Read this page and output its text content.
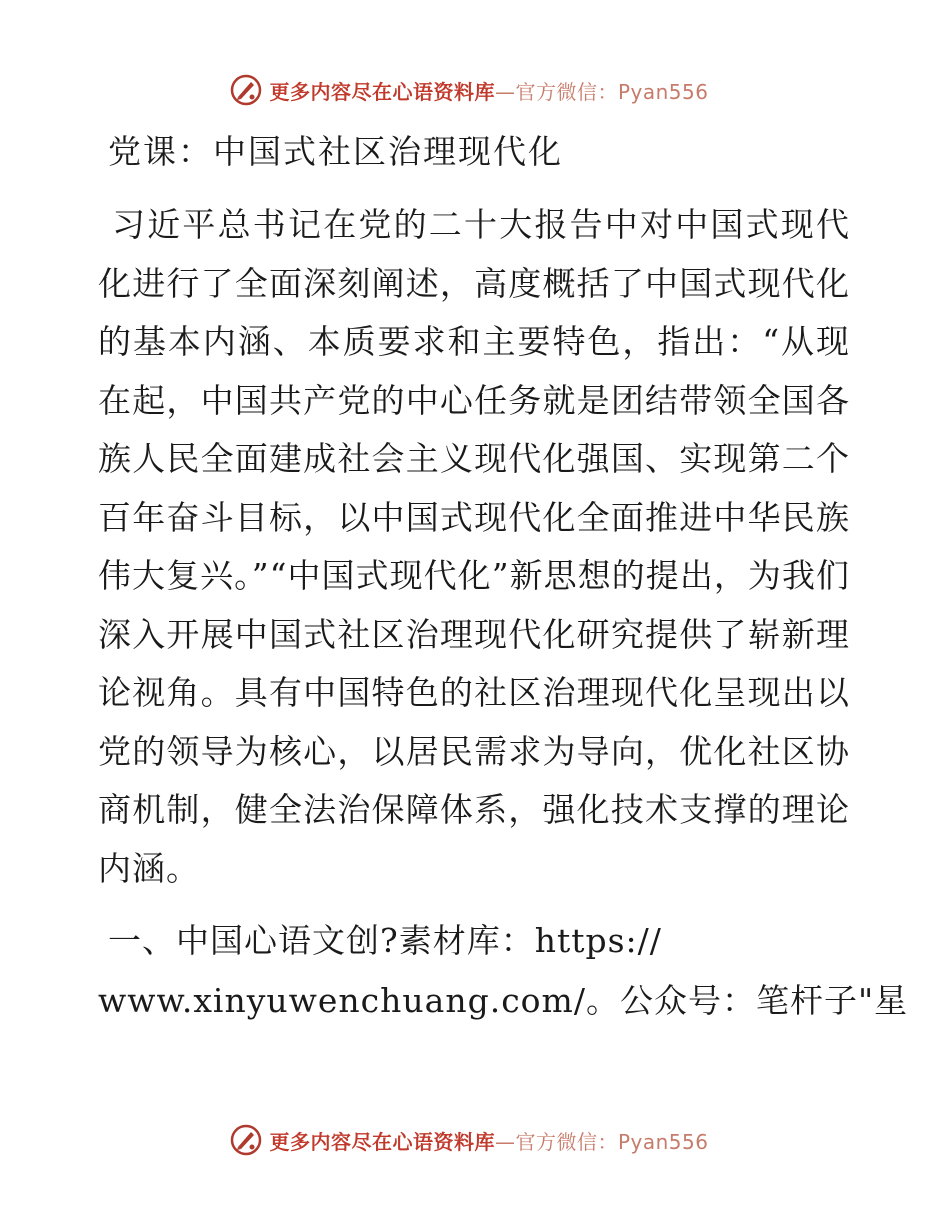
更多内容尽在心语资料库—官方微信：Pyan556
党课：中国式社区治理现代化
习近平总书记在党的二十大报告中对中国式现代化进行了全面深刻阐述，高度概括了中国式现代化的基本内涵、本质要求和主要特色，指出：“从现在起，中国共产党的中心任务就是团结带领全国各族人民全面建成社会主义现代化强国、实现第二个百年奋斗目标，以中国式现代化全面推进中华民族伟大复兴。”“中国式现代化”新思想的提出，为我们深入开展中国式社区治理现代化研究提供了崭新理论视角。具有中国特色的社区治理现代化呈现出以党的领导为核心，以居民需求为导向，优化社区协商机制，健全法治保障体系，强化技术支撑的理论内涵。
一、中国心语文创?素材库：https://
www.xinyuwenchuang.com/。公众号：笔杆子"星
更多内容尽在心语资料库—官方微信：Pyan556
